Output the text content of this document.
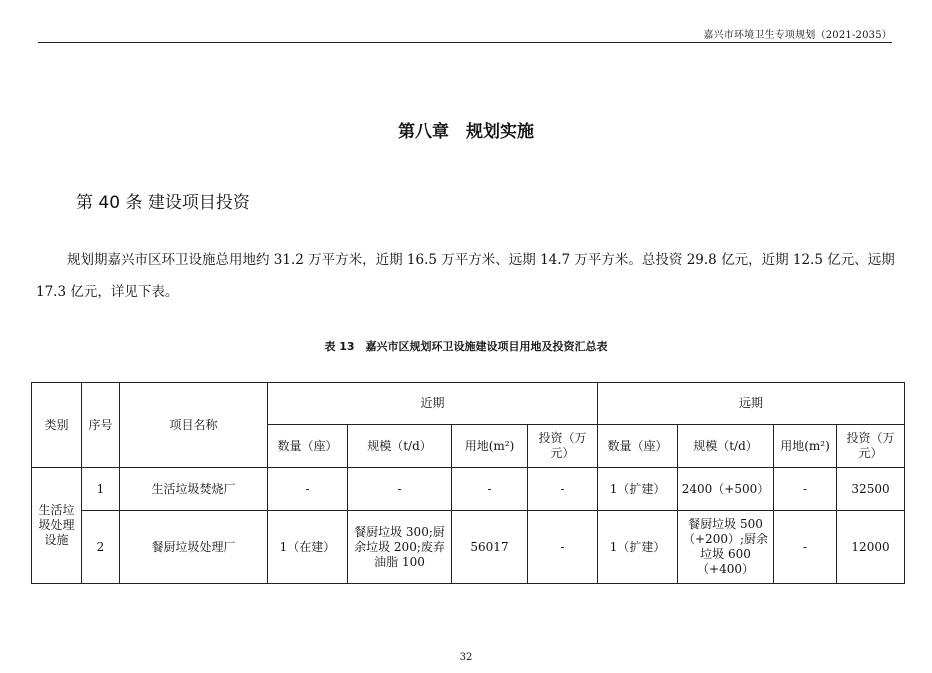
嘉兴市环境卫生专项规划（2021-2035）
第八章　规划实施
第 40 条 建设项目投资

规划期嘉兴市区环卫设施总用地约 31.2 万平方米，近期 16.5 万平方米、远期 14.7 万平方米。总投资 29.8 亿元，近期 12.5 亿元、远期 17.3 亿元，详见下表。

表 13　嘉兴市区规划环卫设施建设项目用地及投资汇总表
类别	序号	项目名称	近期				远期			
			数量（座）	规模（t/d）	用地(m²)	投资（万元）	数量（座）	规模（t/d）	用地(m²)	投资（万元）
生活垃圾处理设施	1	生活垃圾焚烧厂	-	-	-	-	1（扩建）	2400（+500）	-	32500
	2	餐厨垃圾处理厂	1（在建）	餐厨垃圾 300;厨余垃圾 200;废弃油脂 100	56017	-	1（扩建）	餐厨垃圾 500（+200）;厨余垃圾 600（+400）	-	12000
32
